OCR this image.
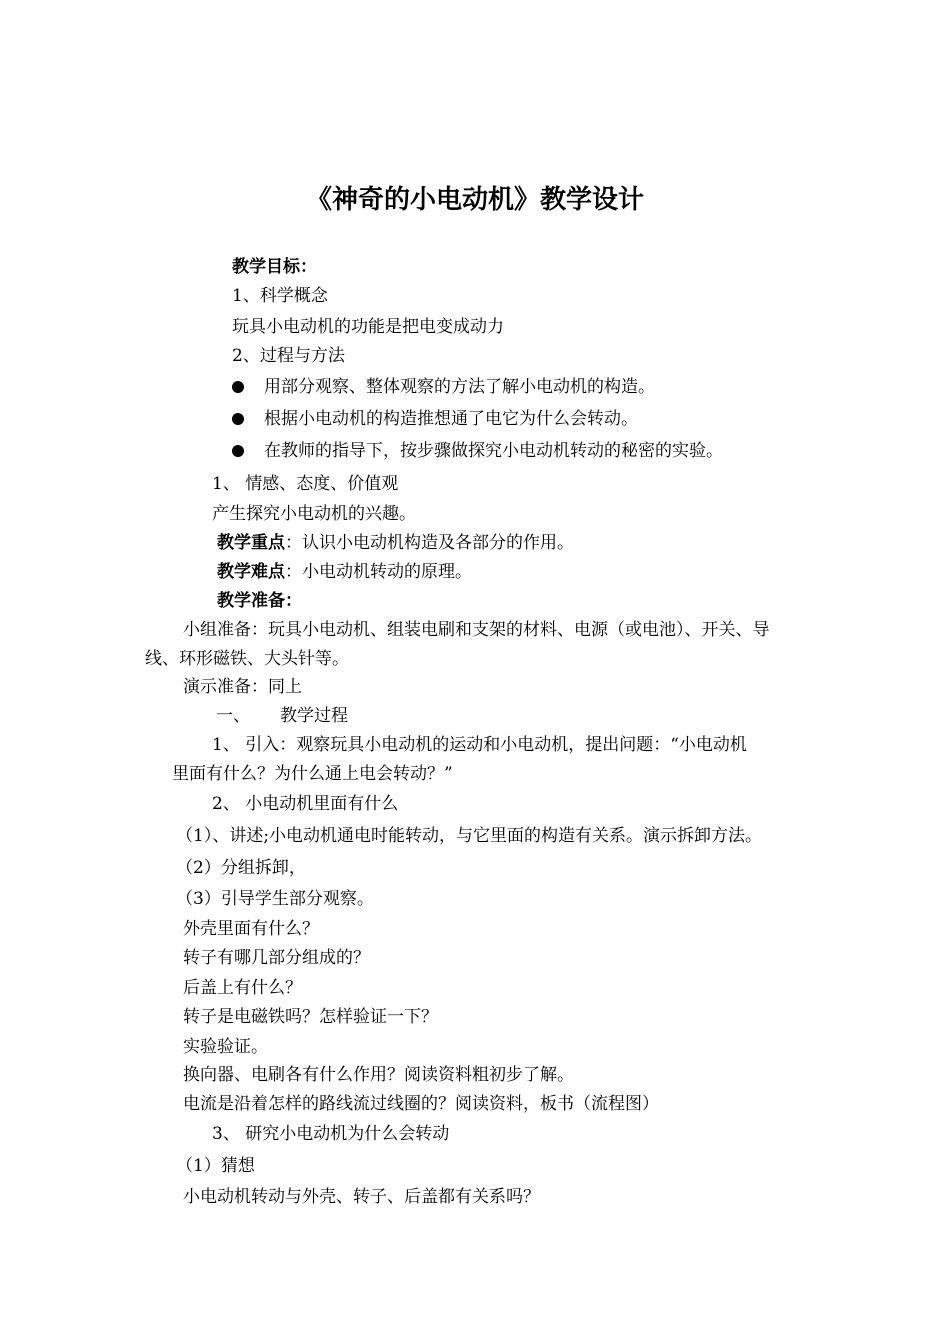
《神奇的小电动机》教学设计
教学目标：
1、科学概念
玩具小电动机的功能是把电变成动力
2、过程与方法
用部分观察、整体观察的方法了解小电动机的构造。
根据小电动机的构造推想通了电它为什么会转动。
在教师的指导下，按步骤做探究小电动机转动的秘密的实验。
1、 情感、态度、价值观
产生探究小电动机的兴趣。
教学重点：认识小电动机构造及各部分的作用。
教学难点：小电动机转动的原理。
教学准备：
小组准备：玩具小电动机、组装电刷和支架的材料、电源（或电池）、开关、导
线、环形磁铁、大头针等。
演示准备：同上
一、 教学过程
1、 引入：观察玩具小电动机的运动和小电动机，提出问题：“小电动机
里面有什么？为什么通上电会转动？”
2、 小电动机里面有什么
（1）、讲述;小电动机通电时能转动，与它里面的构造有关系。演示拆卸方法。
（2）分组拆卸，
（3）引导学生部分观察。
外壳里面有什么？
转子有哪几部分组成的？
后盖上有什么？
转子是电磁铁吗？怎样验证一下？
实验验证。
换向器、电刷各有什么作用？阅读资料粗初步了解。
电流是沿着怎样的路线流过线圈的？阅读资料，板书（流程图）
3、 研究小电动机为什么会转动
（1）猜想
小电动机转动与外壳、转子、后盖都有关系吗？
